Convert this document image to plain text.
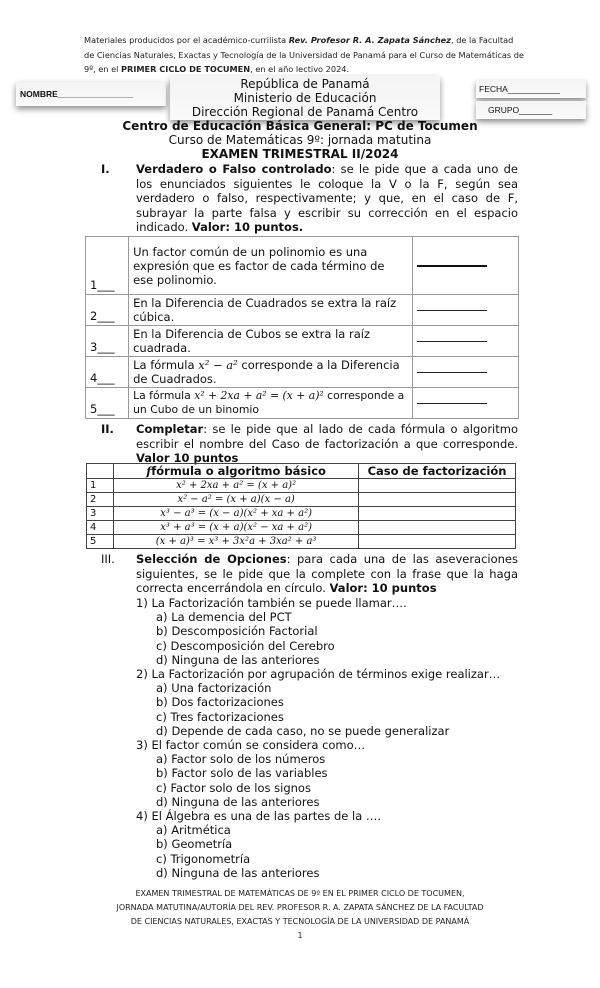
Materiales producidos por el académico-currilista Rev. Profesor R. A. Zapata Sánchez, de la Facultad de Ciencias Naturales, Exactas y Tecnología de la Universidad de Panamá para el Curso de Matemáticas de 9º, en el PRIMER CICLO DE TOCUMEN, en el año lectivo 2024.
NOMBRE________________	FECHA___________
GRUPO_______
República de Panamá
Ministerio de Educación
Dirección Regional de Panamá Centro
Centro de Educación Básica General: PC de Tocumen
Curso de Matemáticas 9º: jornada matutina
EXAMEN TRIMESTRAL II/2024
I. Verdadero o Falso controlado: se le pide que a cada uno de los enunciados siguientes le coloque la V o la F, según sea verdadero o falso, respectivamente; y que, en el caso de F, subrayar la parte falsa y escribir su corrección en el espacio indicado. Valor: 10 puntos.
1___	Un factor común de un polinomio es una expresión que es factor de cada término de ese polinomio.	
2___	En la Diferencia de Cuadrados se extra la raíz cúbica.	
3___	En la Diferencia de Cubos se extra la raíz cuadrada.	
4___	La fórmula x² − a² corresponde a la Diferencia de Cuadrados.	
5___	La fórmula x² + 2xa + a² = (x + a)² corresponde a un Cubo de un binomio	
II. Completar: se le pide que al lado de cada fórmula o algoritmo escribir el nombre del Caso de factorización a que corresponde. Valor 10 puntos
	ffórmula o algoritmo básico	Caso de factorización
1	x² + 2xa + a² = (x + a)²	
2	x² − a² = (x + a)(x − a)	
3	x³ − a³ = (x − a)(x² + xa + a²)	
4	x³ + a³ = (x + a)(x² − xa + a²)	
5	(x + a)³ = x³ + 3x²a + 3xa² + a³	
III. Selección de Opciones: para cada una de las aseveraciones siguientes, se le pide que la complete con la frase que la haga correcta encerrándola en círculo. Valor: 10 puntos
1) La Factorización también se puede llamar….
a) La demencia del PCT
b) Descomposición Factorial
c) Descomposición del Cerebro
d) Ninguna de las anteriores
2) La Factorización por agrupación de términos exige realizar…
a) Una factorización
b) Dos factorizaciones
c) Tres factorizaciones
d) Depende de cada caso, no se puede generalizar
3) El factor común se considera como…
a) Factor solo de los números
b) Factor solo de las variables
c) Factor solo de los signos
d) Ninguna de las anteriores
4) El Álgebra es una de las partes de la ….
a) Aritmética
b) Geometría
c) Trigonometría
d) Ninguna de las anteriores
EXAMEN TRIMESTRAL DE MATEMÁTICAS DE 9º EN EL PRIMER CICLO DE TOCUMEN,
JORNADA MATUTINA/AUTORÍA DEL REV. PROFESOR R. A. ZAPATA SÁNCHEZ DE LA FACULTAD
DE CIENCIAS NATURALES, EXACTAS Y TECNOLOGÍA DE LA UNIVERSIDAD DE PANAMÁ
1
